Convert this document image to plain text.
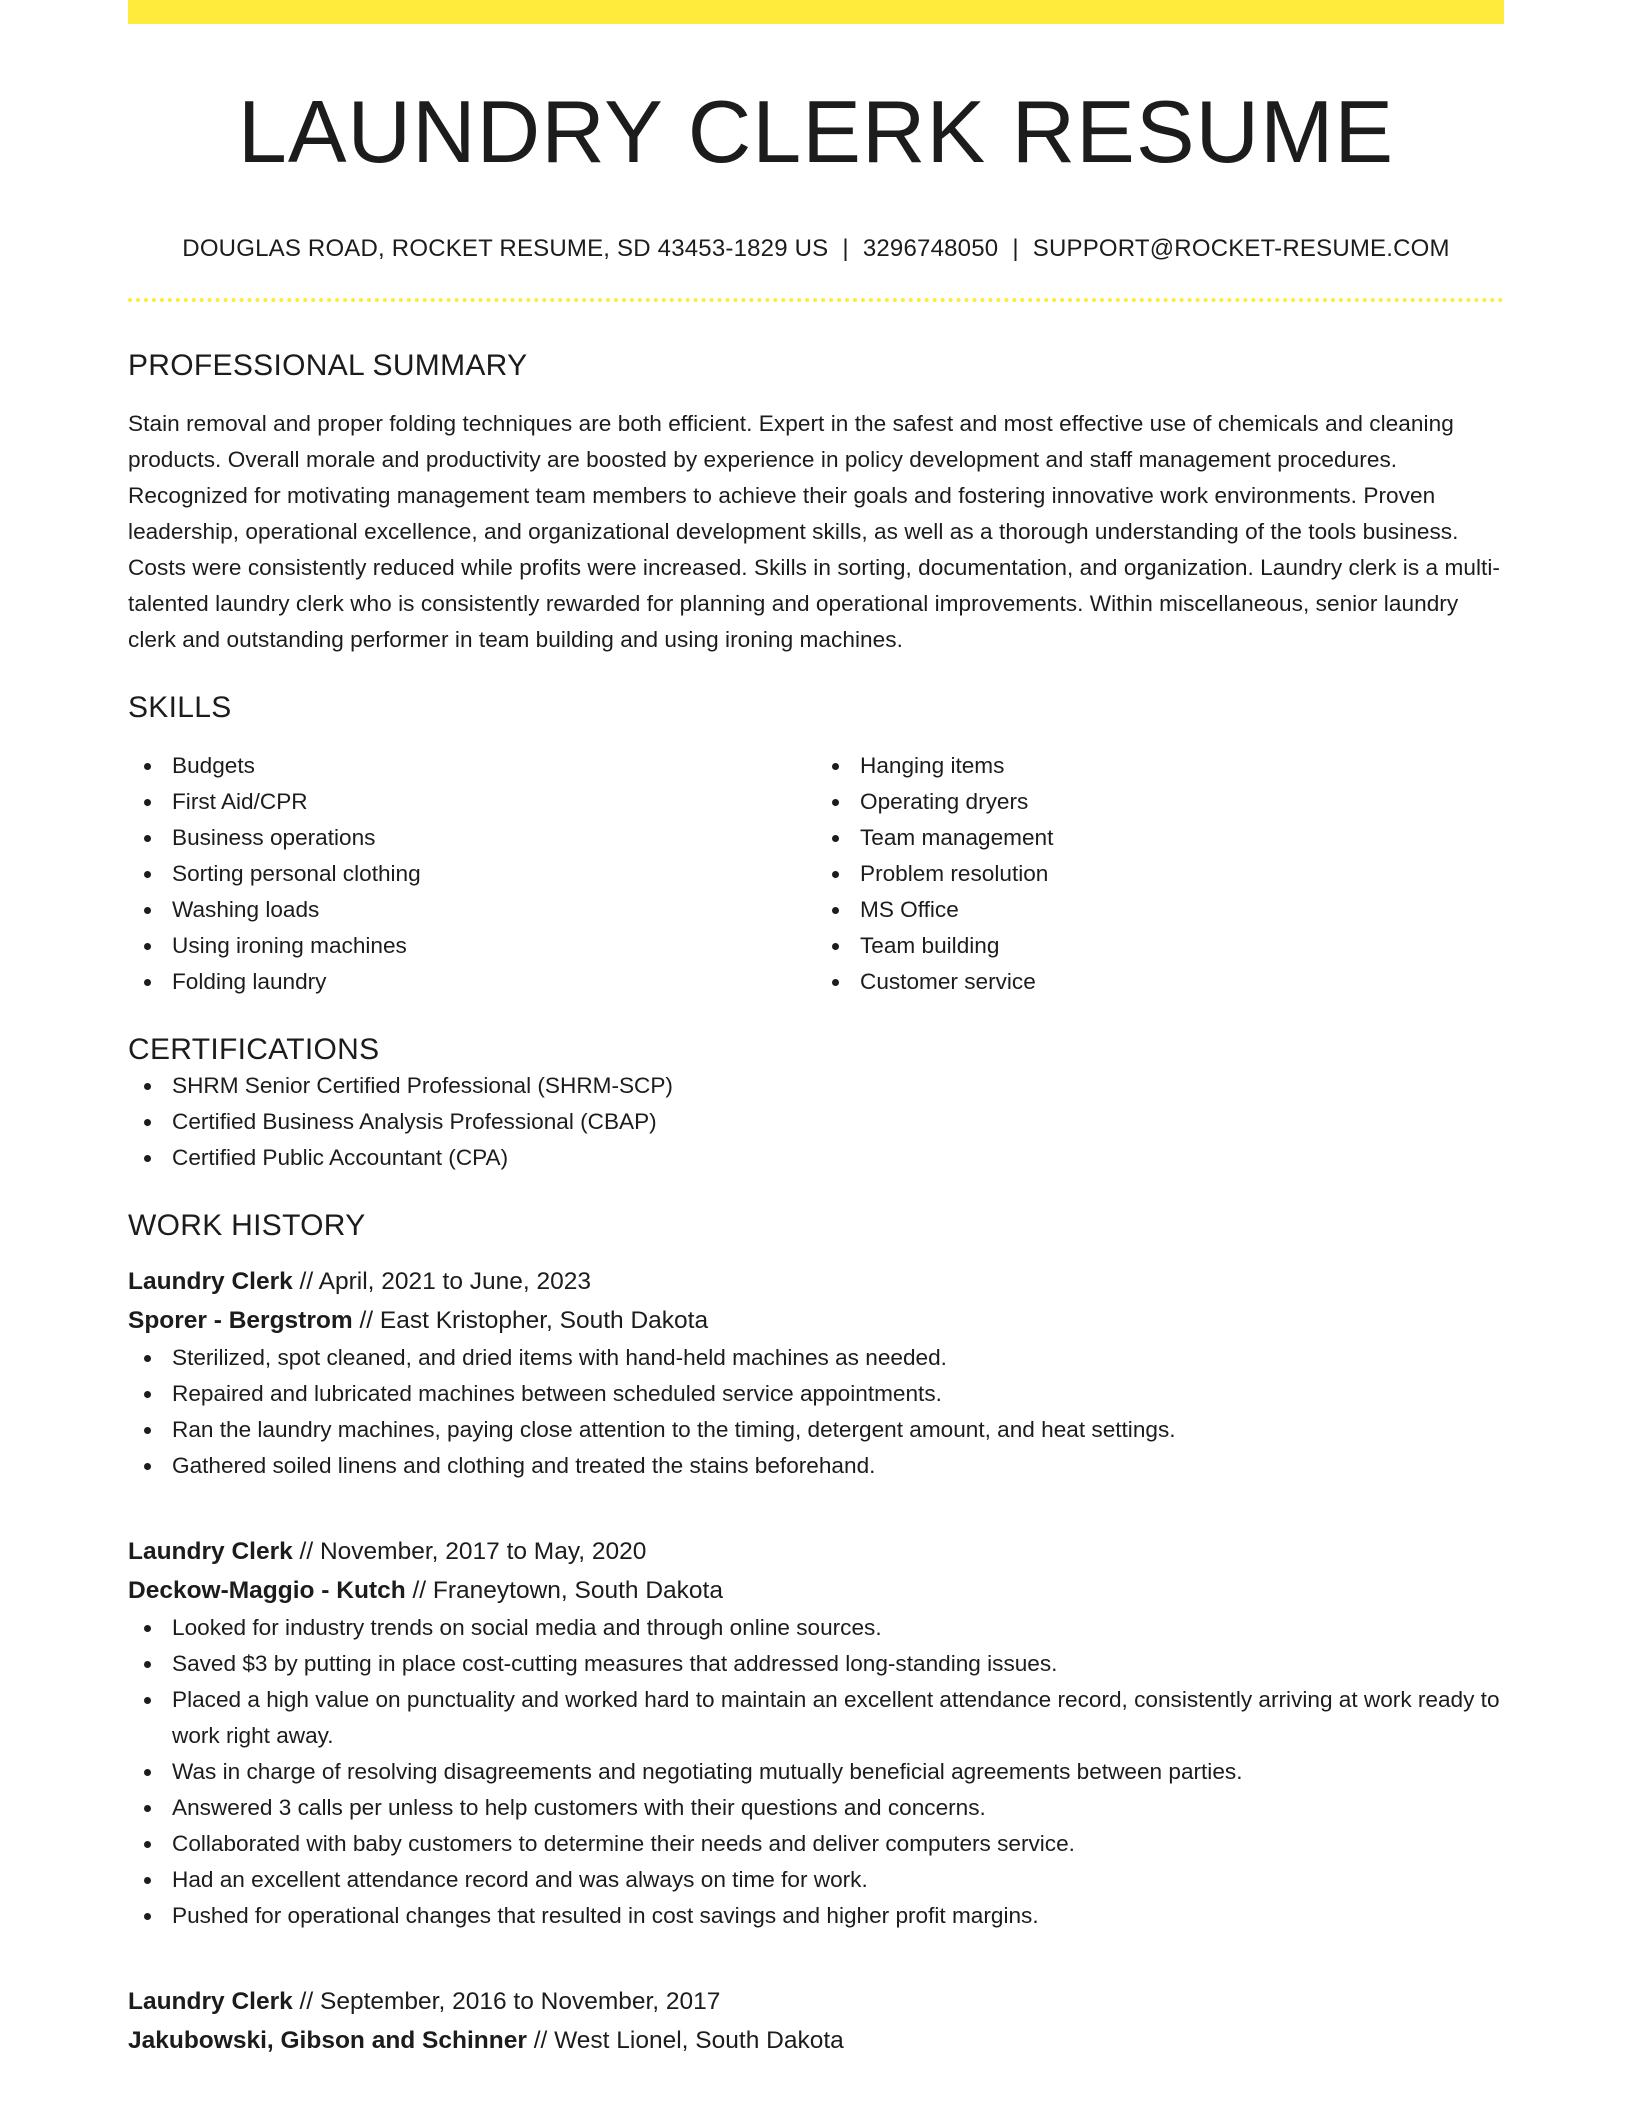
LAUNDRY CLERK RESUME
DOUGLAS ROAD, ROCKET RESUME, SD 43453-1829 US | 3296748050 | SUPPORT@ROCKET-RESUME.COM
PROFESSIONAL SUMMARY

Stain removal and proper folding techniques are both efficient. Expert in the safest and most effective use of chemicals and cleaning products. Overall morale and productivity are boosted by experience in policy development and staff management procedures. Recognized for motivating management team members to achieve their goals and fostering innovative work environments. Proven leadership, operational excellence, and organizational development skills, as well as a thorough understanding of the tools business. Costs were consistently reduced while profits were increased. Skills in sorting, documentation, and organization. Laundry clerk is a multi-talented laundry clerk who is consistently rewarded for planning and operational improvements. Within miscellaneous, senior laundry clerk and outstanding performer in team building and using ironing machines.

SKILLS
Budgets
First Aid/CPR
Business operations
Sorting personal clothing
Washing loads
Using ironing machines
Folding laundry
Hanging items
Operating dryers
Team management
Problem resolution
MS Office
Team building
Customer service
CERTIFICATIONS
SHRM Senior Certified Professional (SHRM-SCP)
Certified Business Analysis Professional (CBAP)
Certified Public Accountant (CPA)
WORK HISTORY
Laundry Clerk // April, 2021 to June, 2023
Sporer - Bergstrom // East Kristopher, South Dakota
Sterilized, spot cleaned, and dried items with hand-held machines as needed.
Repaired and lubricated machines between scheduled service appointments.
Ran the laundry machines, paying close attention to the timing, detergent amount, and heat settings.
Gathered soiled linens and clothing and treated the stains beforehand.
Laundry Clerk // November, 2017 to May, 2020
Deckow-Maggio - Kutch // Franeytown, South Dakota
Looked for industry trends on social media and through online sources.
Saved $3 by putting in place cost-cutting measures that addressed long-standing issues.
Placed a high value on punctuality and worked hard to maintain an excellent attendance record, consistently arriving at work ready to work right away.
Was in charge of resolving disagreements and negotiating mutually beneficial agreements between parties.
Answered 3 calls per unless to help customers with their questions and concerns.
Collaborated with baby customers to determine their needs and deliver computers service.
Had an excellent attendance record and was always on time for work.
Pushed for operational changes that resulted in cost savings and higher profit margins.
Laundry Clerk // September, 2016 to November, 2017
Jakubowski, Gibson and Schinner // West Lionel, South Dakota
